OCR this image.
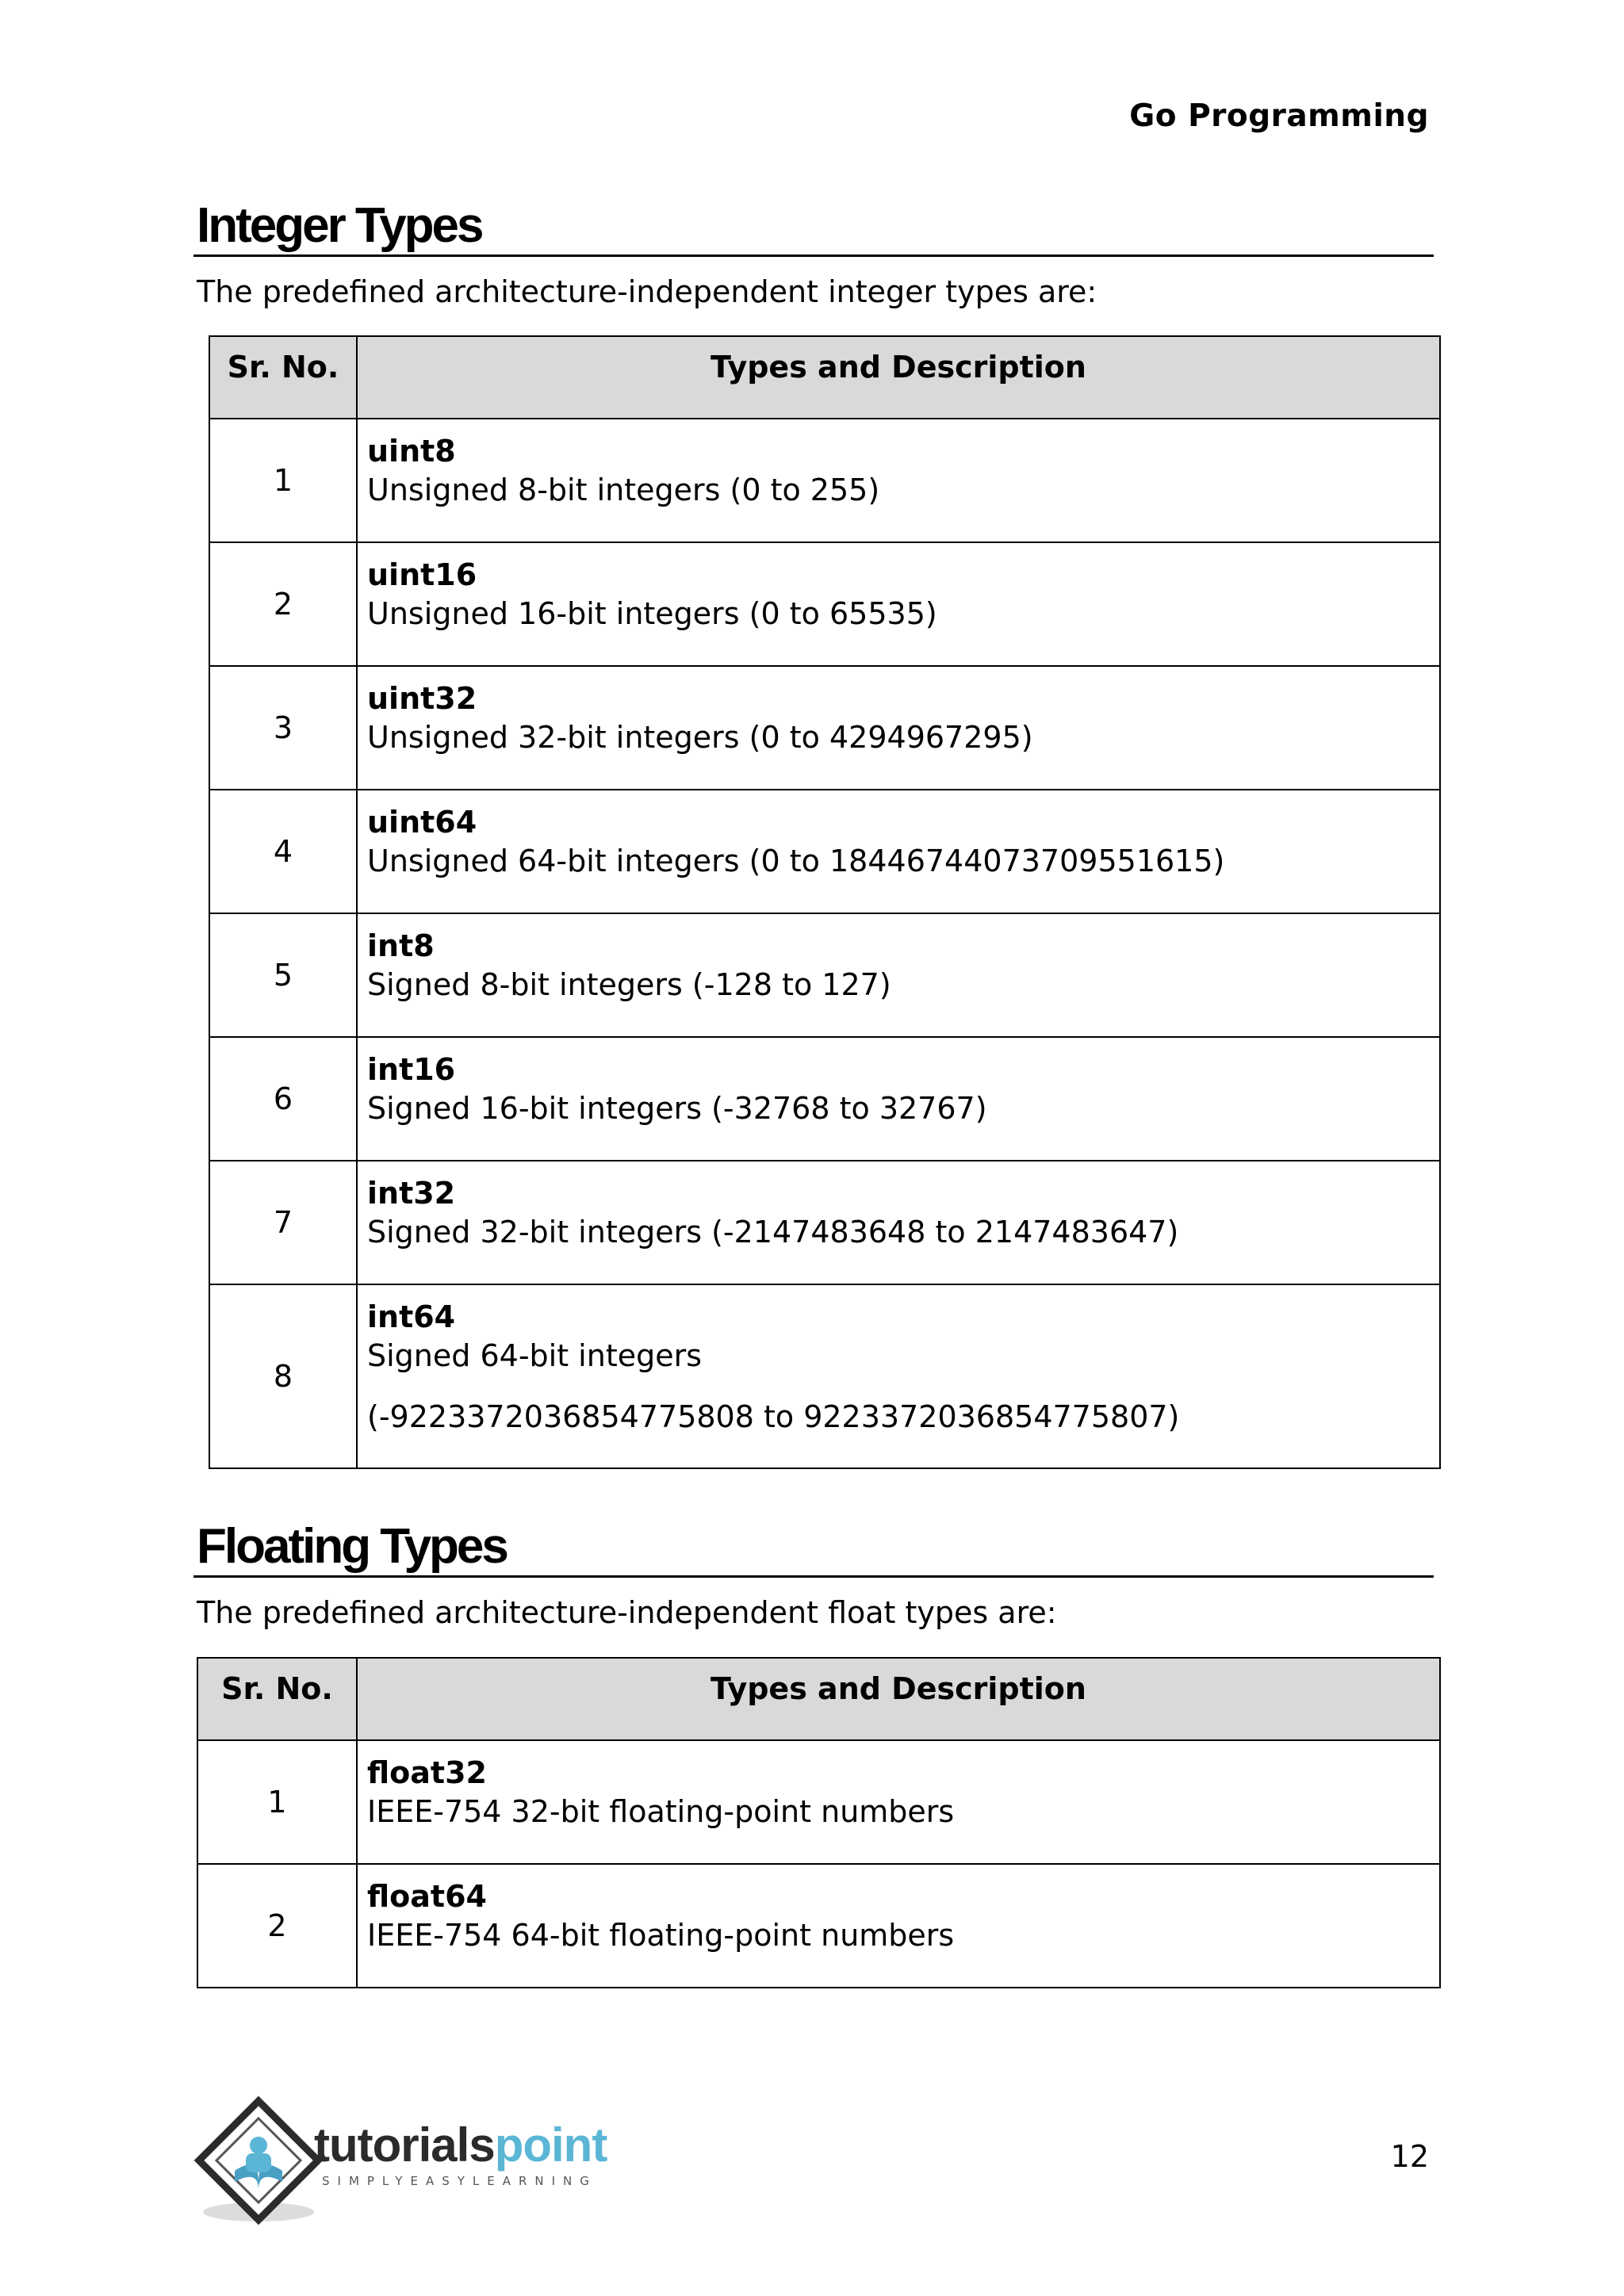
Go Programming
Integer Types
The predefined architecture-independent integer types are:
Sr. No.	Types and Description
1	uint8
Unsigned 8-bit integers (0 to 255)

2	uint16
Unsigned 16-bit integers (0 to 65535)

3	uint32
Unsigned 32-bit integers (0 to 4294967295)

4	uint64
Unsigned 64-bit integers (0 to 18446744073709551615)

5	int8
Signed 8-bit integers (-128 to 127)

6	int16
Signed 16-bit integers (-32768 to 32767)

7	int32
Signed 32-bit integers (-2147483648 to 2147483647)

8	int64
Signed 64-bit integers
(-9223372036854775808 to 9223372036854775807)
Floating Types
The predefined architecture-independent float types are:
Sr. No.	Types and Description
1	float32
IEEE-754 32-bit floating-point numbers

2	float64
IEEE-754 64-bit floating-point numbers
tutorialspoint
SIMPLYEASYLEARNING
12
